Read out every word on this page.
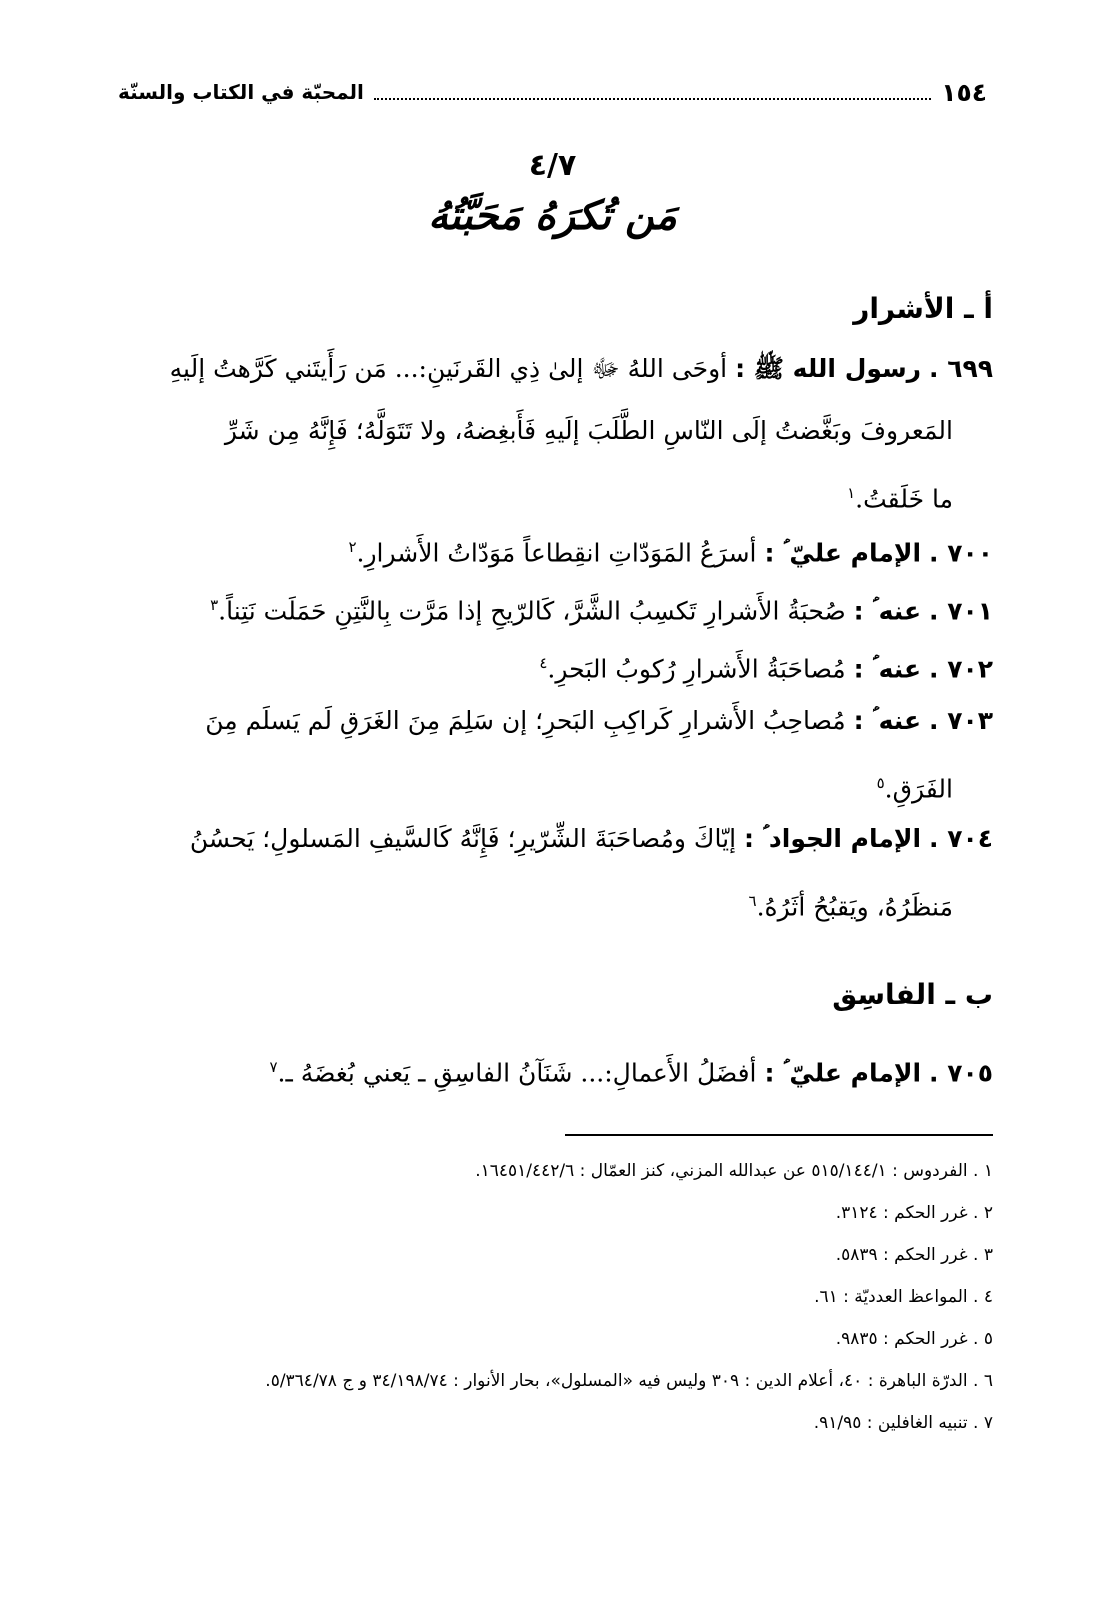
١٥٤
المحبّة في الكتاب والسنّة
٤/٧
مَن تُكرَهُ مَحَبَّتُهُ
أ ـ الأشرار
٦٩٩ . رسول الله ﷺ : أوحَى اللهُ ﷻ إلىٰ ذِي القَرنَينِ:... مَن رَأَيتَني كَرَّهتُ إلَيهِ
المَعروفَ وبَغَّضتُ إلَى النّاسِ الطَّلَبَ إلَيهِ فَأَبغِضهُ، ولا تَتَوَلَّهُ؛ فَإِنَّهُ مِن شَرِّ
ما خَلَقتُ.$^١$
٧٠٠ . الإمام عليّ ؑ : أسرَعُ المَوَدّاتِ انقِطاعاً مَوَدّاتُ الأَشرارِ.$^٢$
٧٠١ . عنه ؑ : صُحبَةُ الأَشرارِ تَكسِبُ الشَّرَّ، كَالرّيحِ إذا مَرَّت بِالنَّتِنِ حَمَلَت نَتِناً.$^٣$
٧٠٢ . عنه ؑ : مُصاحَبَةُ الأَشرارِ رُكوبُ البَحرِ.$^٤$
٧٠٣ . عنه ؑ : مُصاحِبُ الأَشرارِ كَراكِبِ البَحرِ؛ إن سَلِمَ مِنَ الغَرَقِ لَم يَسلَم مِنَ
الفَرَقِ.$^٥$
٧٠٤ . الإمام الجواد ؑ : إيّاكَ ومُصاحَبَةَ الشِّرّيرِ؛ فَإِنَّهُ كَالسَّيفِ المَسلولِ؛ يَحسُنُ
مَنظَرُهُ، ويَقبُحُ أثَرُهُ.$^٦$
ب ـ الفاسِق
٧٠٥ . الإمام عليّ ؑ : أفضَلُ الأَعمالِ:... شَنَآنُ الفاسِقِ ـ يَعني بُغضَهُ ـ.$^٧$
١ . الفردوس : ٥١٥/١٤٤/١ عن عبدالله المزني، كنز العمّال : ١٦٤٥١/٤٤٢/٦.
٢ . غرر الحكم : ٣١٢٤.
٣ . غرر الحكم : ٥٨٣٩.
٤ . المواعظ العدديّة : ٦١.
٥ . غرر الحكم : ٩٨٣٥.
٦ . الدرّة الباهرة : ٤٠، أعلام الدين : ٣٠٩ وليس فيه «المسلول»، بحار الأنوار : ٣٤/١٩٨/٧٤ و ج ٥/٣٦٤/٧٨.
٧ . تنبيه الغافلين : ٩١/٩٥.
